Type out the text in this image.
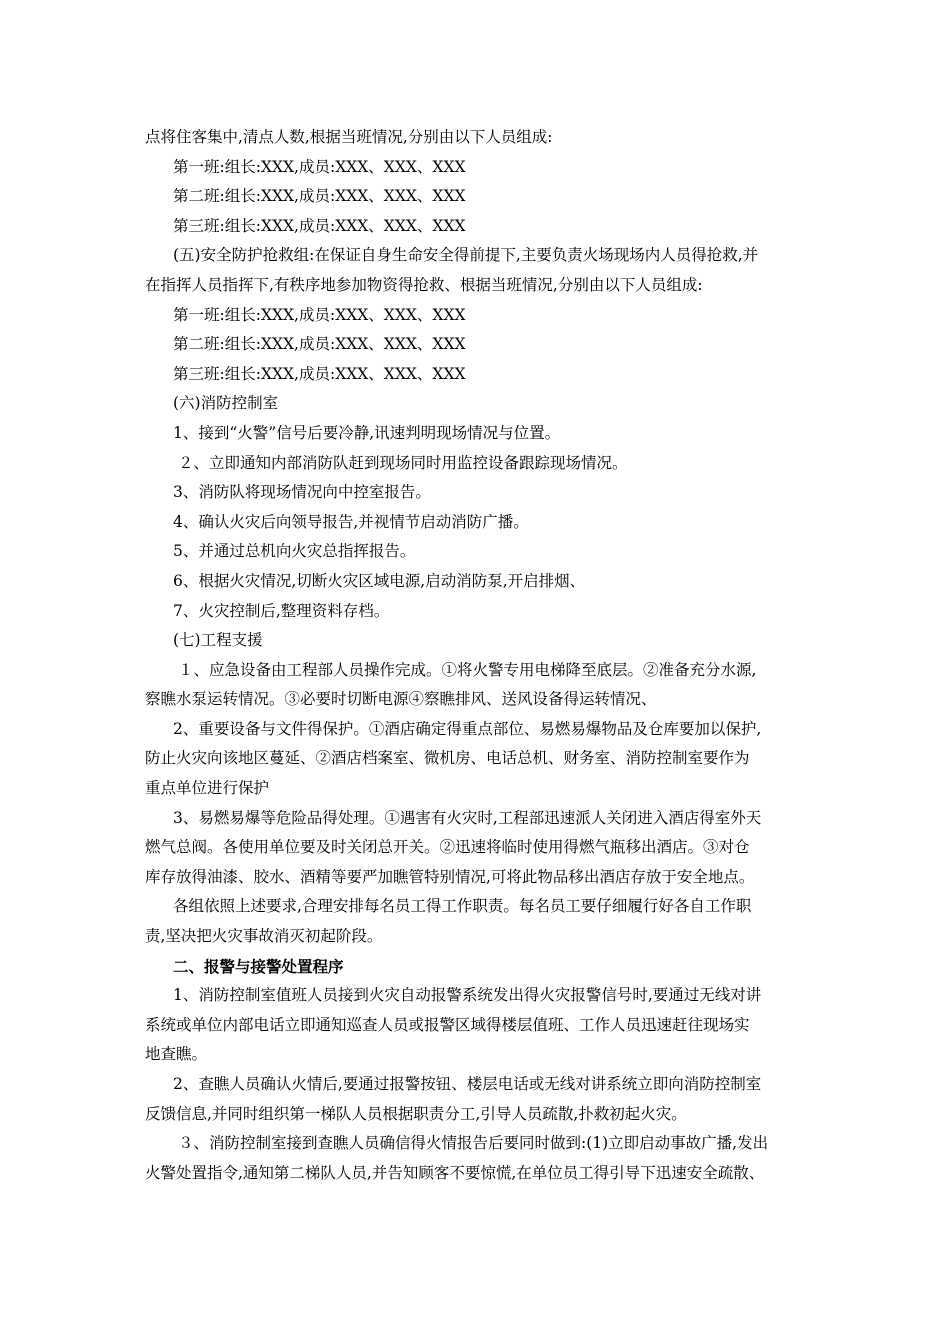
点将住客集中,清点人数,根据当班情况,分别由以下人员组成:
第一班:组长:ⅩXX,成员:XXX、ⅩXX、ⅩⅩX
第二班:组长:XXX,成员:XXX、ⅩXX、ⅩⅩX
第三班:组长:ⅩⅩX,成员:XXX、XXX、ⅩⅩX
(五)安全防护抢救组:在保证自身生命安全得前提下,主要负责火场现场内人员得抢救,并
在指挥人员指挥下,有秩序地参加物资得抢救、根据当班情况,分别由以下人员组成:
第一班:组长:ⅩXX,成员:XXX、XXX、XXⅩ
第二班:组长:ⅩⅩX,成员:XXX、ⅩXX、ⅩⅩX
第三班:组长:ⅩⅩX,成员:ⅩXX、ⅩⅩX、XXⅩ
(六)消防控制室
1、接到“火警”信号后要冷静,讯速判明现场情况与位置。
２、立即通知内部消防队赶到现场同时用监控设备跟踪现场情况。
3、消防队将现场情况向中控室报告。
4、确认火灾后向领导报告,并视情节启动消防广播。
5、并通过总机向火灾总指挥报告。
6、根据火灾情况,切断火灾区域电源,启动消防泵,开启排烟、
7、火灾控制后,整理资料存档。
(七)工程支援
１、应急设备由工程部人员操作完成。①将火警专用电梯降至底层。②准备充分水源,
察瞧水泵运转情况。③必要时切断电源④察瞧排风、送风设备得运转情况、
2、重要设备与文件得保护。①酒店确定得重点部位、易燃易爆物品及仓库要加以保护,
防止火灾向该地区蔓延、②酒店档案室、微机房、电话总机、财务室、消防控制室要作为
重点单位进行保护
3、易燃易爆等危险品得处理。①遇害有火灾时,工程部迅速派人关闭进入酒店得室外天
燃气总阀。各使用单位要及时关闭总开关。②迅速将临时使用得燃气瓶移出酒店。③对仓
库存放得油漆、胶水、酒精等要严加瞧管特别情况,可将此物品移出酒店存放于安全地点。
各组依照上述要求,合理安排每名员工得工作职责。每名员工要仔细履行好各自工作职
责,坚决把火灾事故消灭初起阶段。
二、报警与接警处置程序
1、消防控制室值班人员接到火灾自动报警系统发出得火灾报警信号时,要通过无线对讲
系统或单位内部电话立即通知巡查人员或报警区域得楼层值班、工作人员迅速赶往现场实
地查瞧。
2、查瞧人员确认火情后,要通过报警按钮、楼层电话或无线对讲系统立即向消防控制室
反馈信息,并同时组织第一梯队人员根据职责分工,引导人员疏散,扑救初起火灾。
３、消防控制室接到查瞧人员确信得火情报告后要同时做到:(1)立即启动事故广播,发出
火警处置指令,通知第二梯队人员,并告知顾客不要惊慌,在单位员工得引导下迅速安全疏散、
